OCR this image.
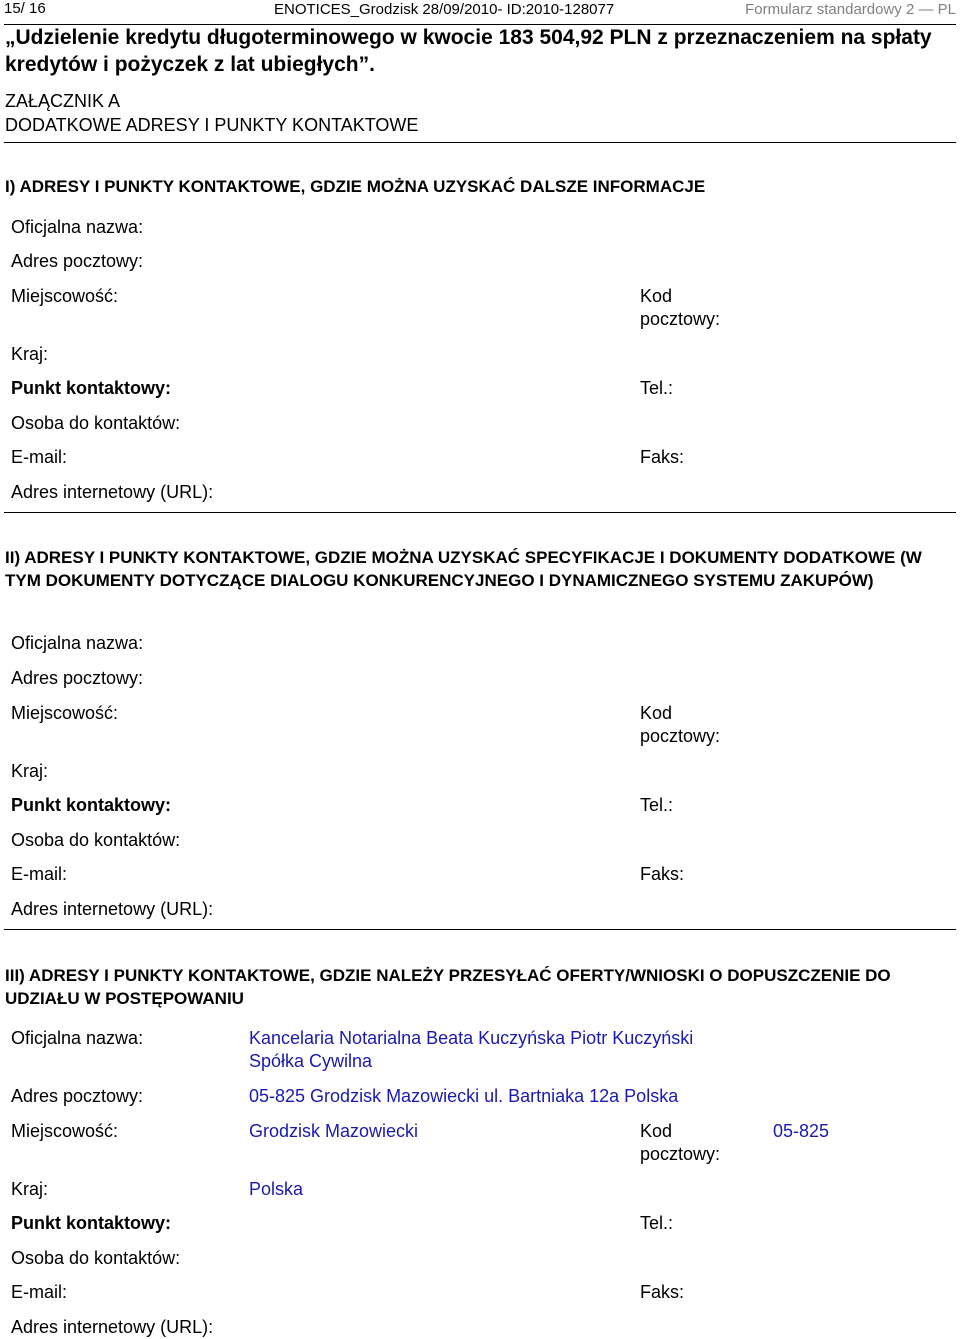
15/ 16	ENOTICES_Grodzisk 28/09/2010- ID:2010-128077	Formularz standardowy 2 — PL
„Udzielenie kredytu długoterminowego w kwocie 183 504,92 PLN z przeznaczeniem na spłaty kredytów i pożyczek z lat ubiegłych”.
ZAŁĄCZNIK A
DODATKOWE ADRESY I PUNKTY KONTAKTOWE
I) ADRESY I PUNKTY KONTAKTOWE, GDZIE MOŻNA UZYSKAĆ DALSZE INFORMACJE
Oficjalna nazwa:
Adres pocztowy:
Miejscowość:	Kod
pocztowy:
Kraj:
Punkt kontaktowy:	Tel.:
Osoba do kontaktów:
E-mail:	Faks:
Adres internetowy (URL):
II) ADRESY I PUNKTY KONTAKTOWE, GDZIE MOŻNA UZYSKAĆ SPECYFIKACJE I DOKUMENTY DODATKOWE (W TYM DOKUMENTY DOTYCZĄCE DIALOGU KONKURENCYJNEGO I DYNAMICZNEGO SYSTEMU ZAKUPÓW)
Oficjalna nazwa:
Adres pocztowy:
Miejscowość:	Kod
pocztowy:
Kraj:
Punkt kontaktowy:	Tel.:
Osoba do kontaktów:
E-mail:	Faks:
Adres internetowy (URL):
III) ADRESY I PUNKTY KONTAKTOWE, GDZIE NALEŻY PRZESYŁAĆ OFERTY/WNIOSKI O DOPUSZCZENIE DO UDZIAŁU W POSTĘPOWANIU
Oficjalna nazwa:	Kancelaria Notarialna Beata Kuczyńska Piotr Kuczyński
Spółka Cywilna
Adres pocztowy:	05-825 Grodzisk Mazowiecki ul. Bartniaka 12a Polska
Miejscowość:	Grodzisk Mazowiecki	Kod
pocztowy:
05-825
Kraj:	Polska
Punkt kontaktowy:	Tel.:
Osoba do kontaktów:
E-mail:	Faks:
Adres internetowy (URL):
